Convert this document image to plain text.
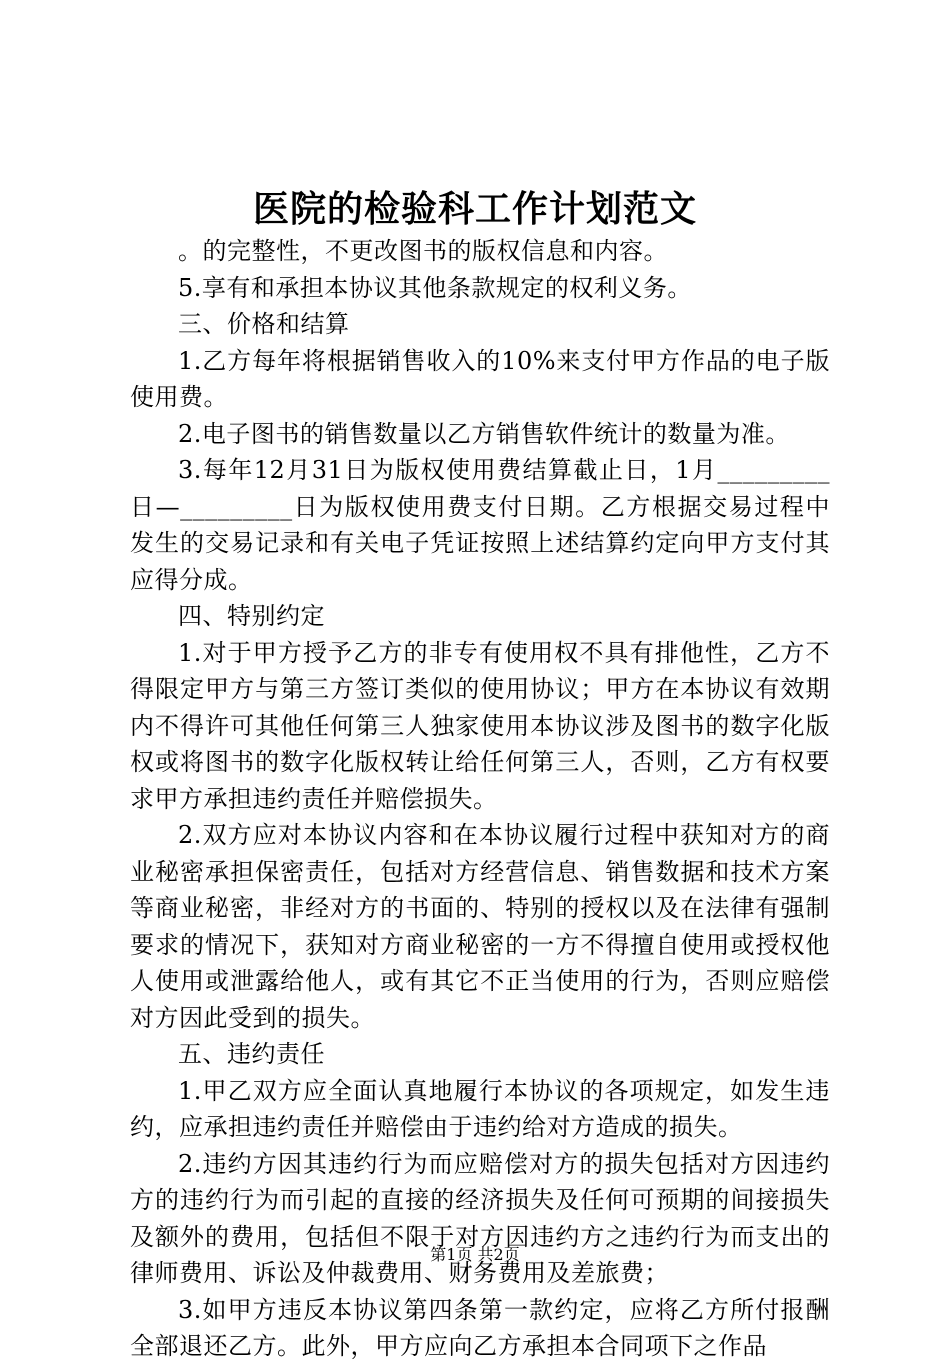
医院的检验科工作计划范文

。的完整性，不更改图书的版权信息和内容。

5.享有和承担本协议其他条款规定的权利义务。

三、价格和结算

1.乙方每年将根据销售收入的10%来支付甲方作品的电子版使用费。

2.电子图书的销售数量以乙方销售软件统计的数量为准。

3.每年12月31日为版权使用费结算截止日，1月_________日—_________日为版权使用费支付日期。乙方根据交易过程中发生的交易记录和有关电子凭证按照上述结算约定向甲方支付其应得分成。

四、特别约定

1.对于甲方授予乙方的非专有使用权不具有排他性，乙方不得限定甲方与第三方签订类似的使用协议；甲方在本协议有效期内不得许可其他任何第三人独家使用本协议涉及图书的数字化版权或将图书的数字化版权转让给任何第三人，否则，乙方有权要求甲方承担违约责任并赔偿损失。

2.双方应对本协议内容和在本协议履行过程中获知对方的商业秘密承担保密责任，包括对方经营信息、销售数据和技术方案等商业秘密，非经对方的书面的、特别的授权以及在法律有强制要求的情况下，获知对方商业秘密的一方不得擅自使用或授权他人使用或泄露给他人，或有其它不正当使用的行为，否则应赔偿对方因此受到的损失。

五、违约责任

1.甲乙双方应全面认真地履行本协议的各项规定，如发生违约，应承担违约责任并赔偿由于违约给对方造成的损失。

2.违约方因其违约行为而应赔偿对方的损失包括对方因违约方的违约行为而引起的直接的经济损失及任何可预期的间接损失及额外的费用，包括但不限于对方因违约方之违约行为而支出的律师费用、诉讼及仲裁费用、财务费用及差旅费；

3.如甲方违反本协议第四条第一款约定，应将乙方所付报酬全部退还乙方。此外，甲方应向乙方承担本合同项下之作品

第1页 共2页
